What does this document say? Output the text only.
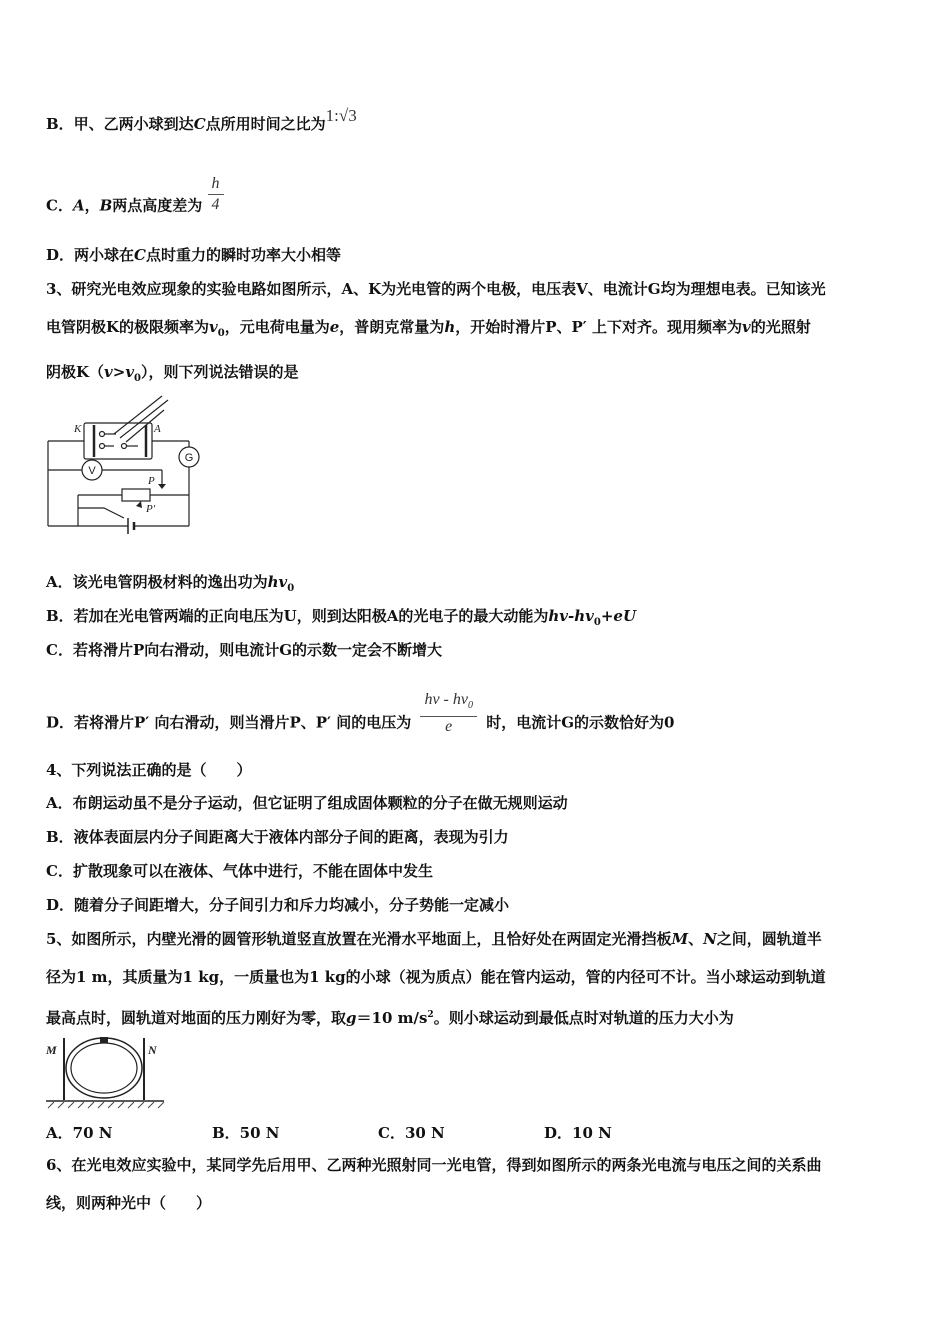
B．甲、乙两小球到达C点所用时间之比为1:√3
C．A，B两点高度差为 $\frac{h}{4}$
D．两小球在C点时重力的瞬时功率大小相等
3、研究光电效应现象的实验电路如图所示，A、K为光电管的两个电极，电压表V、电流计G均为理想电表。已知该光
电管阴极K的极限频率为$v_0$，元电荷电量为e，普朗克常量为h，开始时滑片P、P′ 上下对齐。现用频率为v的光照射
阴极$K(v>v_0)$，则下列说法错误的是
K	A
P
P′
G
V
A．该光电管阴极材料的逸出功为$hv_0$
B．若加在光电管两端的正向电压为U，则到达阳极A的光电子的最大动能为$hv-hv_0+eU$
C．若将滑片P向右滑动，则电流计G的示数一定会不断增大
D．若将滑片P′ 向右滑动，则当滑片P、P′ 间的电压为 $\frac{hv - hv_0}{e}$ 时，电流计G的示数恰好为0
4、下列说法正确的是（　　）
A．布朗运动虽不是分子运动，但它证明了组成固体颗粒的分子在做无规则运动
B．液体表面层内分子间距离大于液体内部分子间的距离，表现为引力
C．扩散现象可以在液体、气体中进行，不能在固体中发生
D．随着分子间距增大，分子间引力和斥力均减小，分子势能一定减小
5、如图所示，内壁光滑的圆管形轨道竖直放置在光滑水平地面上，且恰好处在两固定光滑挡板M、N之间，圆轨道半
径为1 m，其质量为1 kg，一质量也为1 kg的小球（视为质点）能在管内运动，管的内径可不计。当小球运动到轨道
最高点时，圆轨道对地面的压力刚好为零，取g＝10 $m/s^2$。则小球运动到最低点时对轨道的压力大小为
M	N
A．70 N	B．50 N	C．30 N	D．10 N
6、在光电效应实验中，某同学先后用甲、乙两种光照射同一光电管，得到如图所示的两条光电流与电压之间的关系曲
线，则两种光中（　　）
